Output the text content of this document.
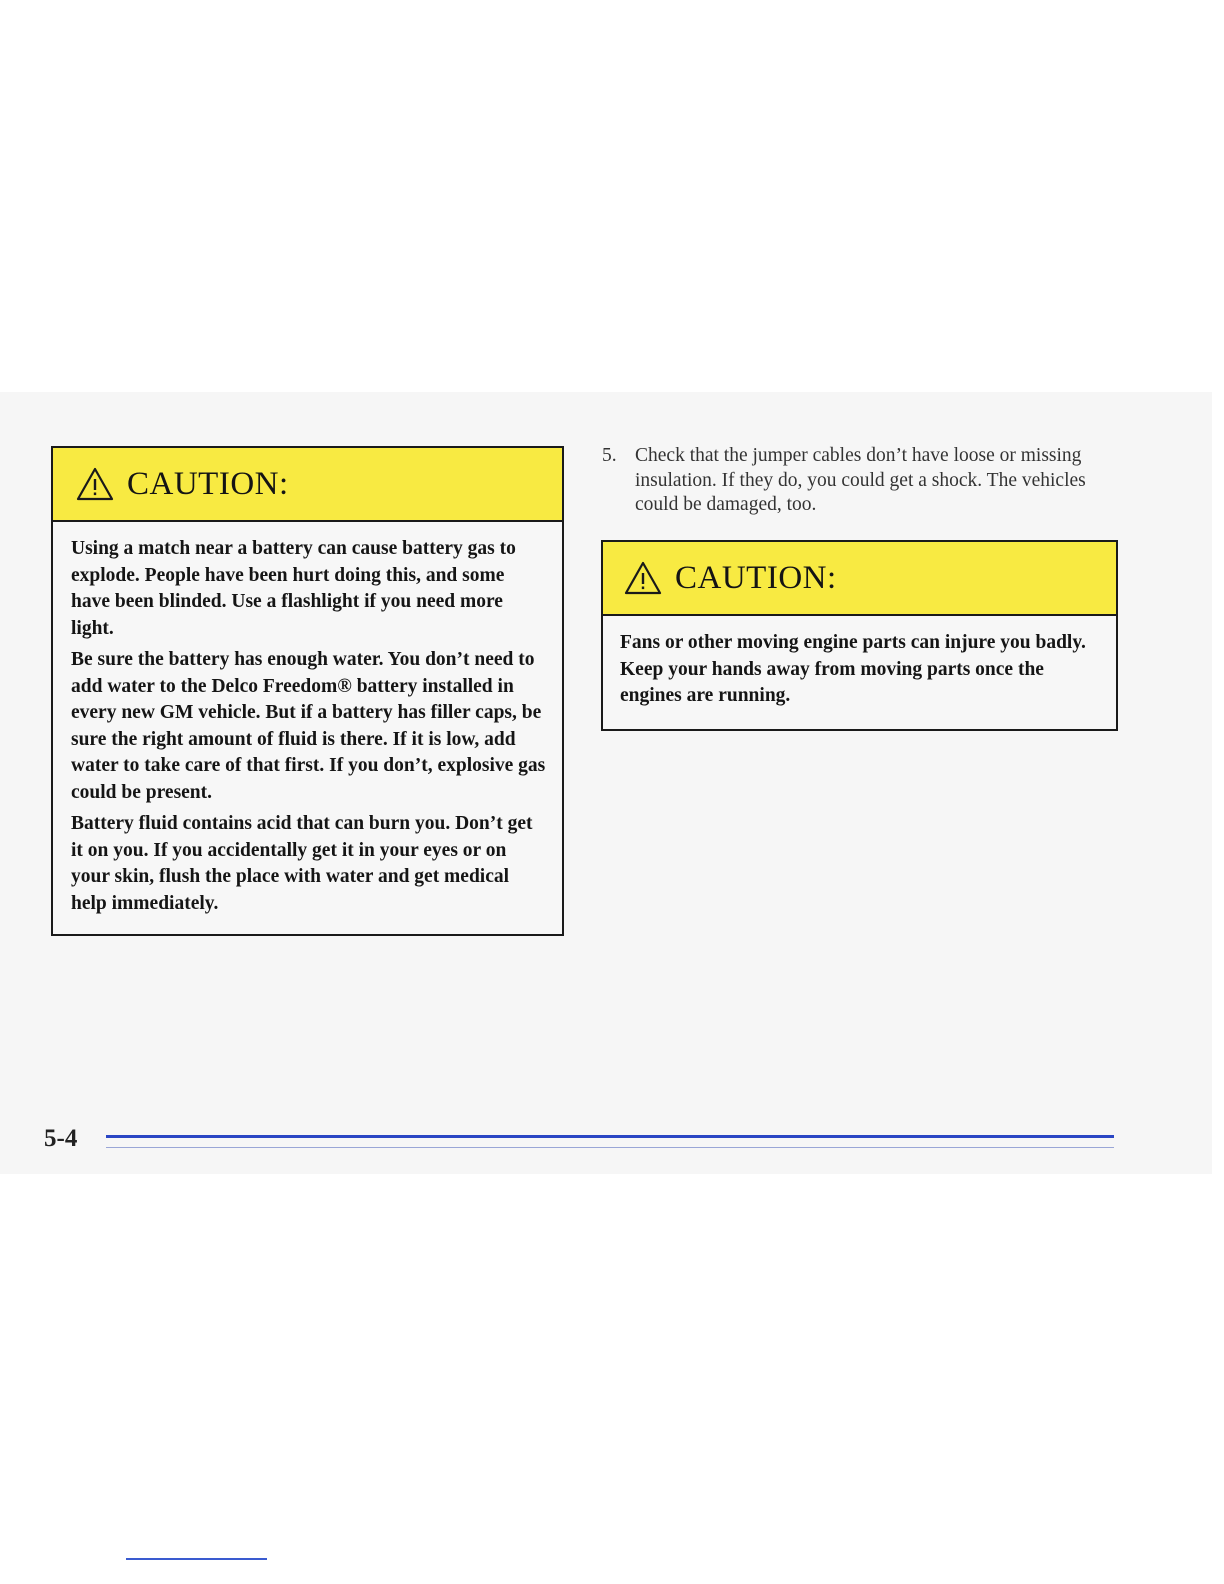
CAUTION:

Using a match near a battery can cause battery gas to explode. People have been hurt doing this, and some have been blinded. Use a flashlight if you need more light.

Be sure the battery has enough water. You don’t need to add water to the Delco Freedom® battery installed in every new GM vehicle. But if a battery has filler caps, be sure the right amount of fluid is there. If it is low, add water to take care of that first. If you don’t, explosive gas could be present.

Battery fluid contains acid that can burn you. Don’t get it on you. If you accidentally get it in your eyes or on your skin, flush the place with water and get medical help immediately.

5. Check that the jumper cables don’t have loose or missing insulation. If they do, you could get a shock. The vehicles could be damaged, too.
CAUTION:

Fans or other moving engine parts can injure you badly. Keep your hands away from moving parts once the engines are running.

5-4
